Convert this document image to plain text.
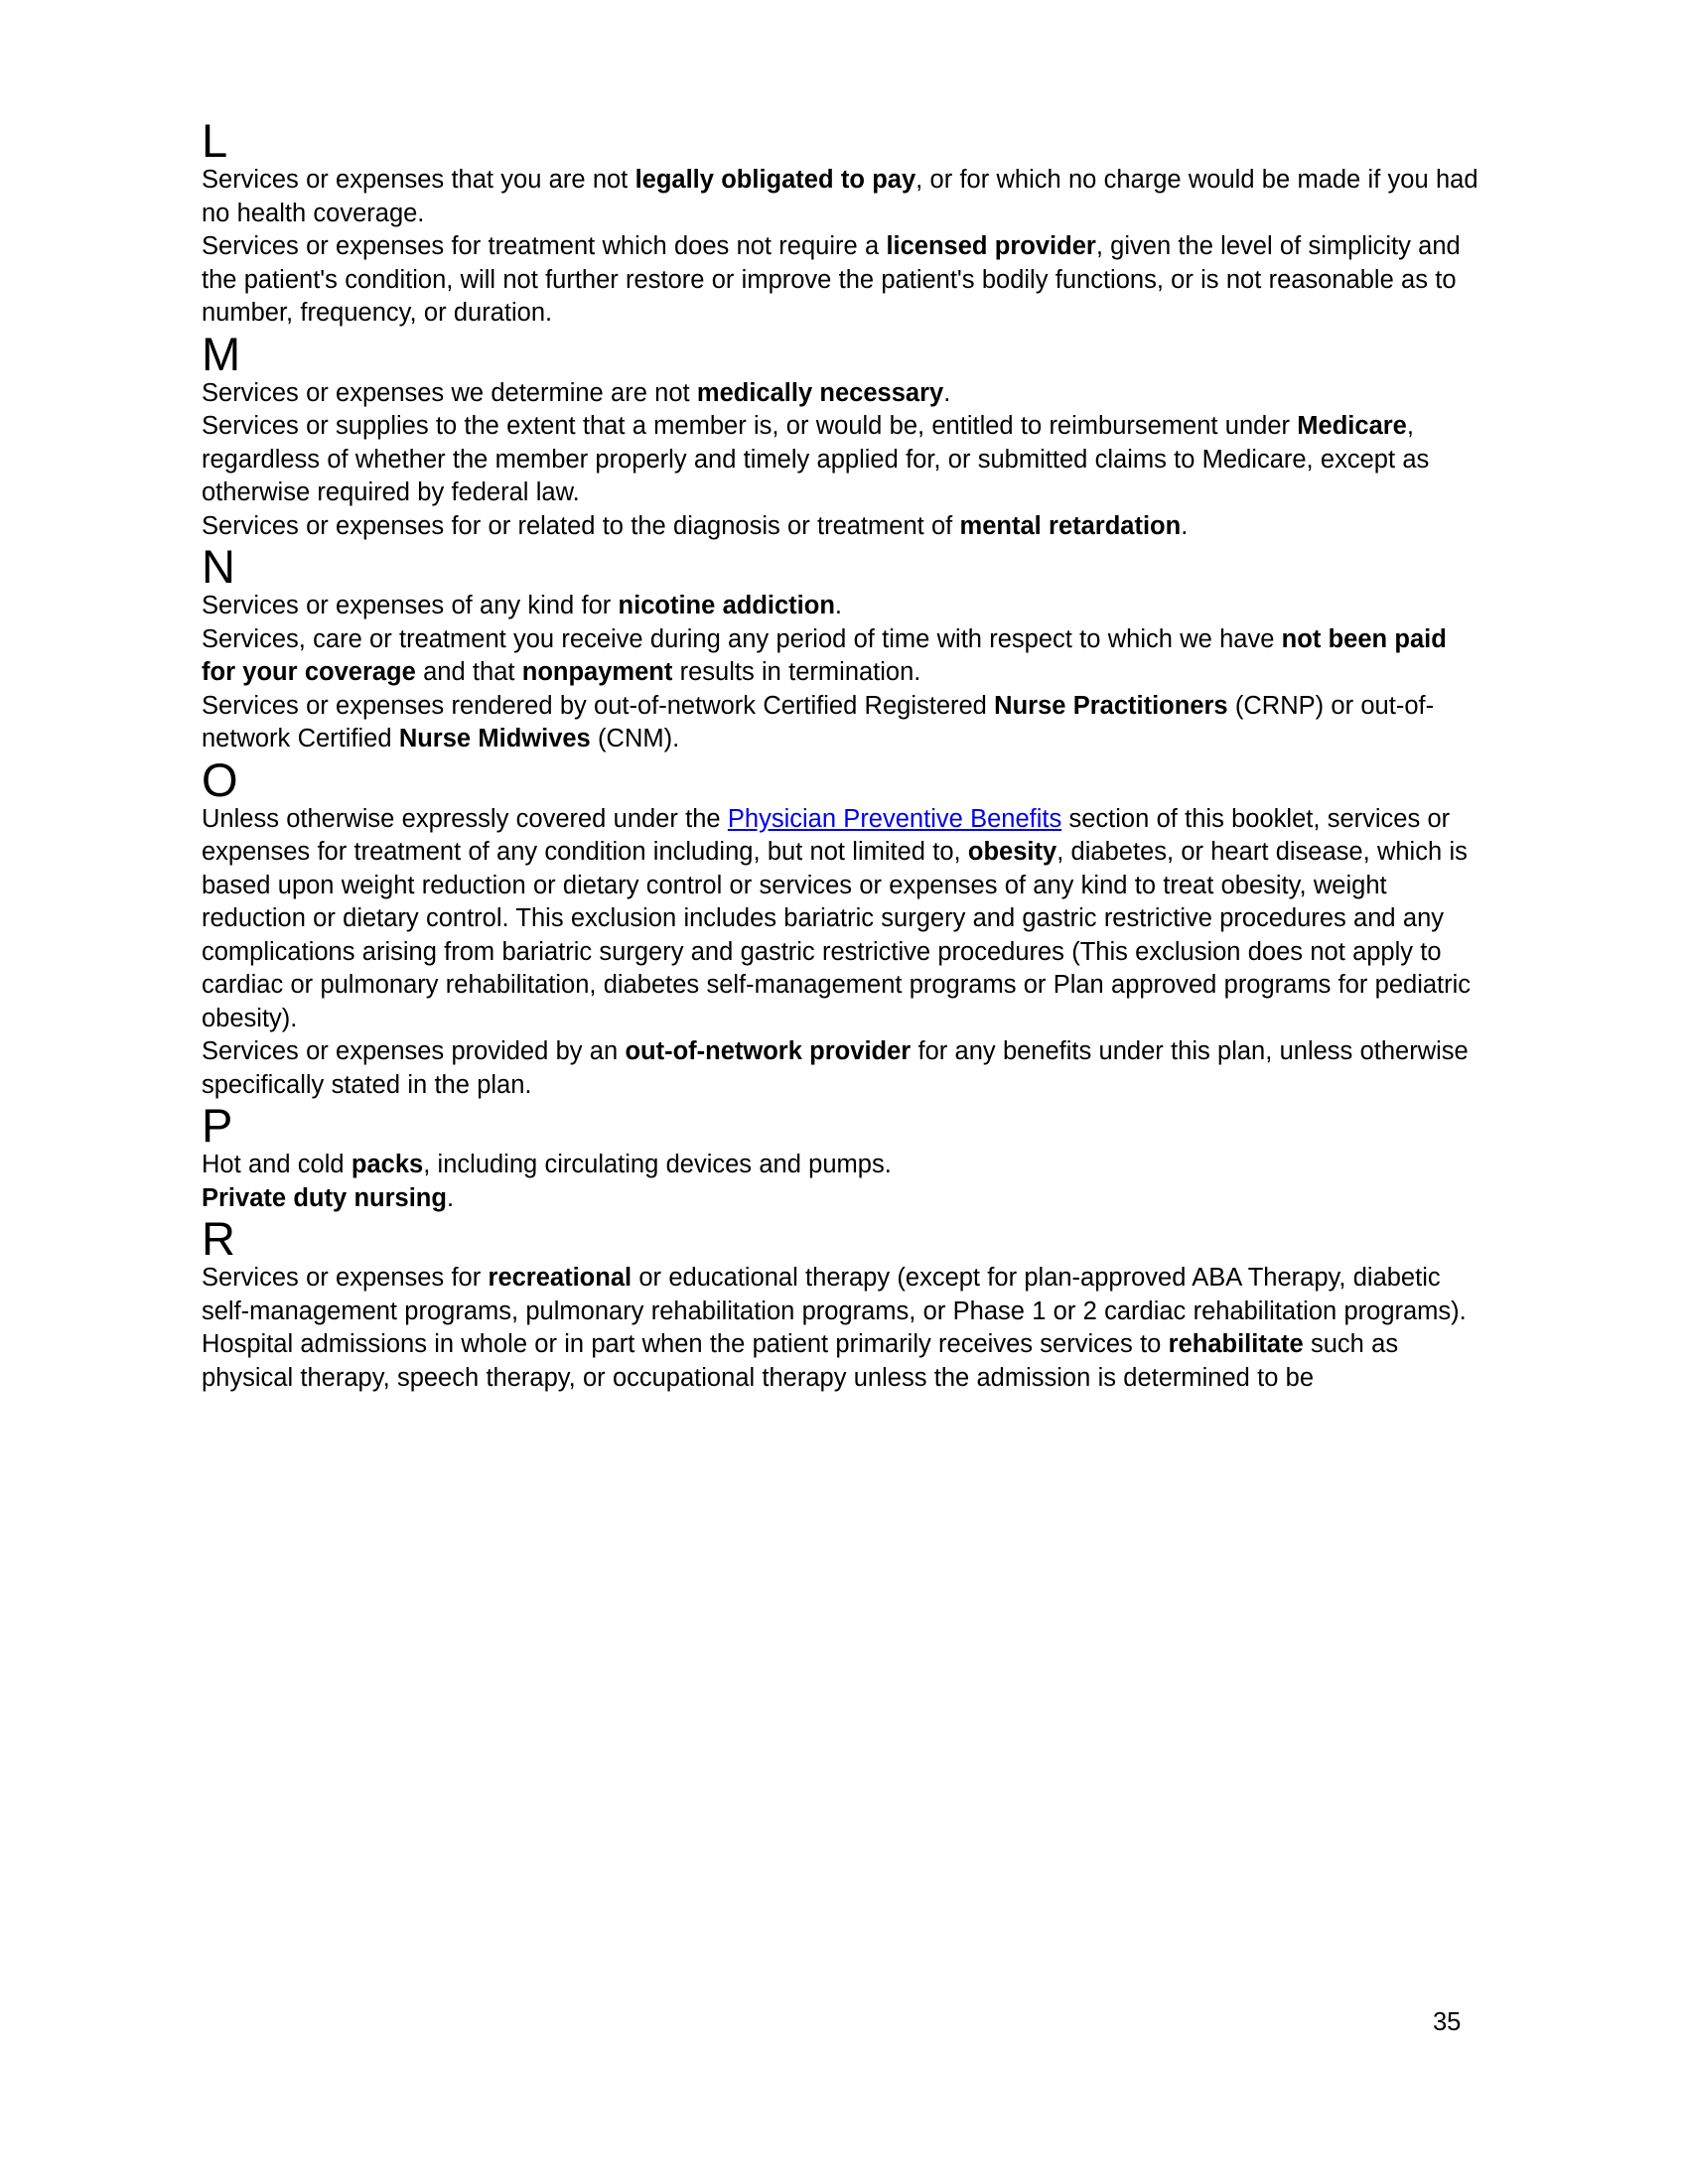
L

Services or expenses that you are not legally obligated to pay, or for which no charge would be made if you had no health coverage.

Services or expenses for treatment which does not require a licensed provider, given the level of simplicity and the patient's condition, will not further restore or improve the patient's bodily functions, or is not reasonable as to number, frequency, or duration.

M

Services or expenses we determine are not medically necessary.

Services or supplies to the extent that a member is, or would be, entitled to reimbursement under Medicare, regardless of whether the member properly and timely applied for, or submitted claims to Medicare, except as otherwise required by federal law.

Services or expenses for or related to the diagnosis or treatment of mental retardation.

N

Services or expenses of any kind for nicotine addiction.

Services, care or treatment you receive during any period of time with respect to which we have not been paid for your coverage and that nonpayment results in termination.

Services or expenses rendered by out-of-network Certified Registered Nurse Practitioners (CRNP) or out-of-network Certified Nurse Midwives (CNM).

O

Unless otherwise expressly covered under the Physician Preventive Benefits section of this booklet, services or expenses for treatment of any condition including, but not limited to, obesity, diabetes, or heart disease, which is based upon weight reduction or dietary control or services or expenses of any kind to treat obesity, weight reduction or dietary control. This exclusion includes bariatric surgery and gastric restrictive procedures and any complications arising from bariatric surgery and gastric restrictive procedures (This exclusion does not apply to cardiac or pulmonary rehabilitation, diabetes self-management programs or Plan approved programs for pediatric obesity).

Services or expenses provided by an out-of-network provider for any benefits under this plan, unless otherwise specifically stated in the plan.

P

Hot and cold packs, including circulating devices and pumps.

Private duty nursing.

R

Services or expenses for recreational or educational therapy (except for plan-approved ABA Therapy, diabetic self-management programs, pulmonary rehabilitation programs, or Phase 1 or 2 cardiac rehabilitation programs).

Hospital admissions in whole or in part when the patient primarily receives services to rehabilitate such as physical therapy, speech therapy, or occupational therapy unless the admission is determined to be

35
